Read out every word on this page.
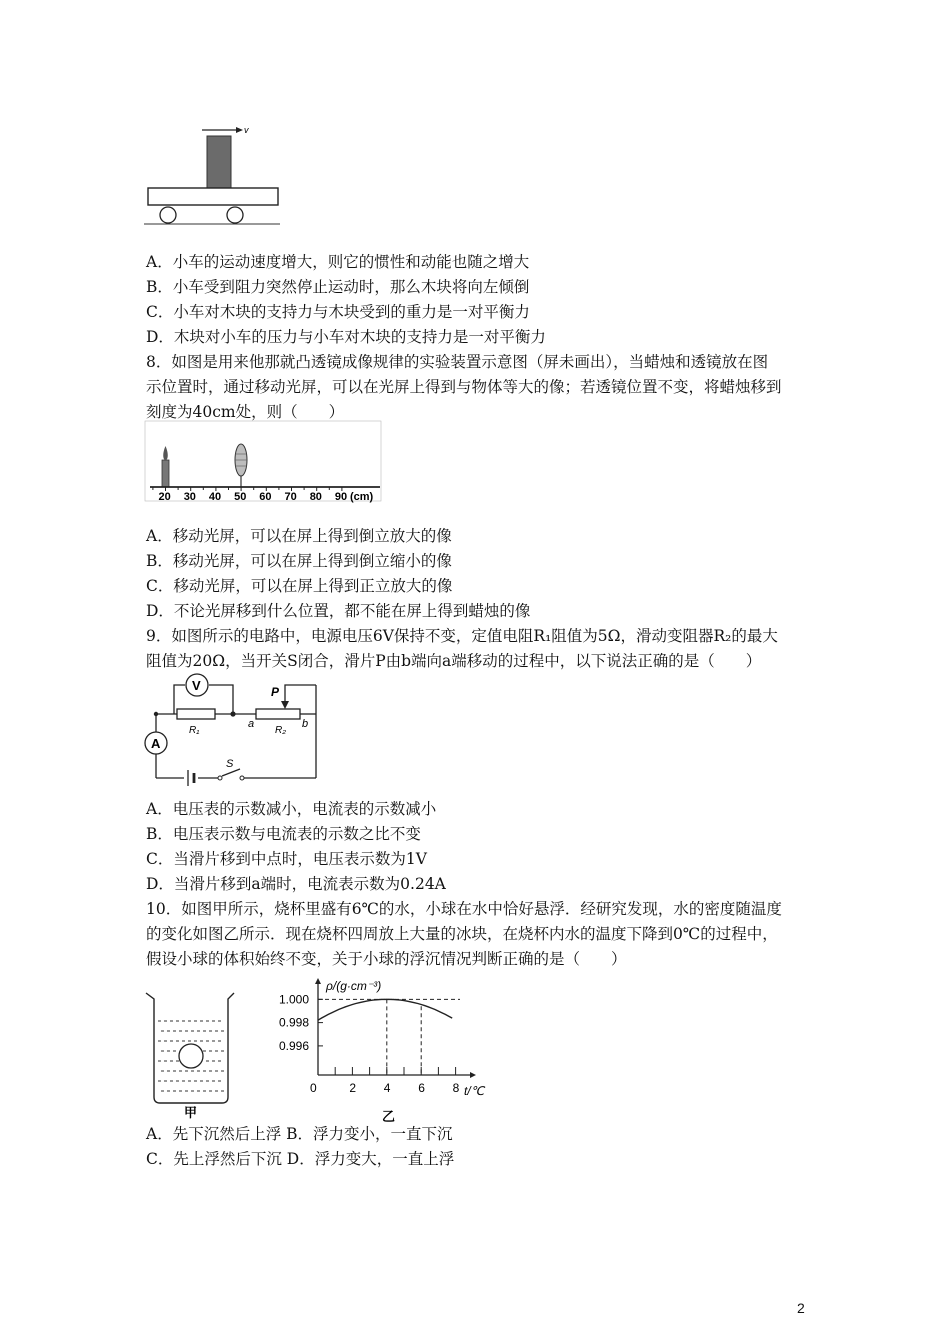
v
A．小车的运动速度增大，则它的惯性和动能也随之增大
B．小车受到阻力突然停止运动时，那么木块将向左倾倒
C．小车对木块的支持力与木块受到的重力是一对平衡力
D．木块对小车的压力与小车对木块的支持力是一对平衡力
8．如图是用来他那就凸透镜成像规律的实验装置示意图（屏未画出），当蜡烛和透镜放在图
示位置时，通过移动光屏，可以在光屏上得到与物体等大的像；若透镜位置不变，将蜡烛移到
刻度为40cm处，则（　　）
20 30 40 50 60 70 80 90 (cm)
A．移动光屏，可以在屏上得到倒立放大的像
B．移动光屏，可以在屏上得到倒立缩小的像
C．移动光屏，可以在屏上得到正立放大的像
D．不论光屏移到什么位置，都不能在屏上得到蜡烛的像
9．如图所示的电路中，电源电压6V保持不变，定值电阻R₁阻值为5Ω，滑动变阻器R₂的最大
阻值为20Ω，当开关S闭合，滑片P由b端向a端移动的过程中，以下说法正确的是（　　）
V
A
R₁	R₂
P
a	b
S
A．电压表的示数减小，电流表的示数减小
B．电压表示数与电流表的示数之比不变
C．当滑片移到中点时，电压表示数为1V
D．当滑片移到a端时，电流表示数为0.24A
10．如图甲所示，烧杯里盛有6℃的水，小球在水中恰好悬浮．经研究发现，水的密度随温度
的变化如图乙所示．现在烧杯四周放上大量的冰块，在烧杯内水的温度下降到0℃的过程中，
假设小球的体积始终不变，关于小球的浮沉情况判断正确的是（　　）
甲
ρ/(g·cm⁻³)
t/℃
乙
0	2 4 6 8
1.000
0.998
0.996
A．先下沉然后上浮 B．浮力变小，一直下沉
C．先上浮然后下沉 D．浮力变大，一直上浮
2
